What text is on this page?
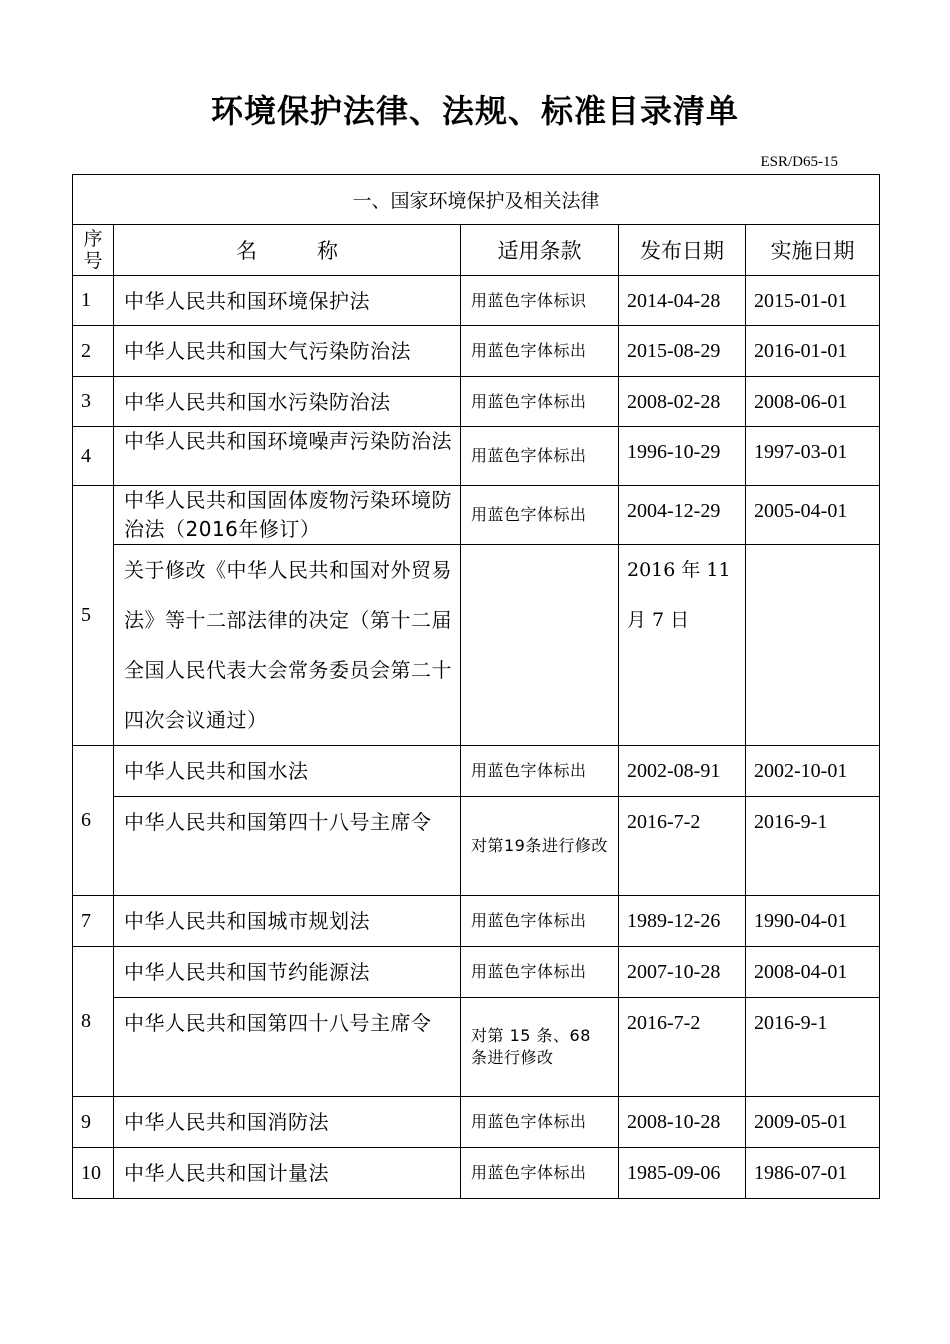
环境保护法律、法规、标准目录清单
ESR/D65-15
一、国家环境保护及相关法律				
序号	名称	适用条款	发布日期	实施日期
1	中华人民共和国环境保护法	用蓝色字体标识	2014-04-28	2015-01-01
2	中华人民共和国大气污染防治法	用蓝色字体标出	2015-08-29	2016-01-01
3	中华人民共和国水污染防治法	用蓝色字体标出	2008-02-28	2008-06-01
4	中华人民共和国环境噪声污染防治法	用蓝色字体标出	1996-10-29	1997-03-01
5	中华人民共和国固体废物污染环境防治法（2016年修订）	用蓝色字体标出	2004-12-29	2005-04-01
	关于修改《中华人民共和国对外贸易法》等十二部法律的决定（第十二届全国人民代表大会常务委员会第二十四次会议通过）		2016 年 11 月 7 日	
6	中华人民共和国水法	用蓝色字体标出	2002-08-91	2002-10-01
	中华人民共和国第四十八号主席令	对第19条进行修改	2016-7-2	2016-9-1
7	中华人民共和国城市规划法	用蓝色字体标出	1989-12-26	1990-04-01
8	中华人民共和国节约能源法	用蓝色字体标出	2007-10-28	2008-04-01
	中华人民共和国第四十八号主席令	对第 15 条、68 条进行修改	2016-7-2	2016-9-1
9	中华人民共和国消防法	用蓝色字体标出	2008-10-28	2009-05-01
10	中华人民共和国计量法	用蓝色字体标出	1985-09-06	1986-07-01
